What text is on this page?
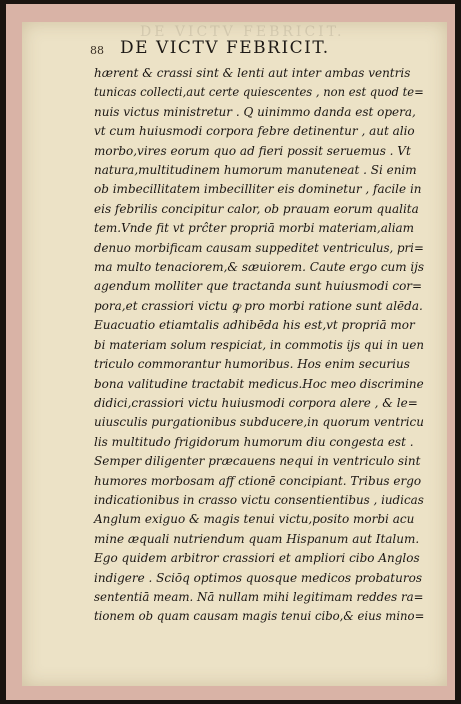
DE VICTV FEBRICIT.
88 DE VICTV FEBRICIT.
hærent & crassi sint & lenti aut inter ambas ventris
tunicas collecti,aut certe quiescentes , non est quod te=
nuis victus ministretur . Q uinimmo danda est opera,
vt cum huiusmodi corpora febre detinentur , aut alio
morbo,vires eorum quo ad fieri possit seruemus . Vt
natura,multitudinem humorum manuteneat . Si enim
ob imbecillitatem imbecilliter eis dominetur , facile in
eis febrilis concipitur calor, ob prauam eorum qualita
tem.Vnde fit vt prĉter propriā morbi materiam,aliam
denuo morbificam causam suppeditet ventriculus, pri=
ma multo tenaciorem,& sæuiorem. Caute ergo cum ijs
agendum molliter que tractanda sunt huiusmodi cor=
pora,et crassiori victu ꝙ pro morbi ratione sunt alēda.
Euacuatio etiamtalis adhibēda his est,vt propriā mor
bi materiam solum respiciat, in commotis ijs qui in uen
triculo commorantur humoribus. Hos enim securius
bona valitudine tractabit medicus.Hoc meo discrimine
didici,crassiori victu huiusmodi corpora alere , & le=
uiusculis purgationibus subducere,in quorum ventricu
lis multitudo frigidorum humorum diu congesta est .
Semper diligenter præcauens nequi in ventriculo sint
humores morbosam aff ctionē concipiant. Tribus ergo
indicationibus in crasso victu consentientibus , iudicas
Anglum exiguo & magis tenui victu,posito morbi acu
mine æquali nutriendum quam Hispanum aut Italum.
Ego quidem arbitror crassiori et ampliori cibo Anglos
indigere . Sciōq optimos quosque medicos probaturos
sententiā meam. Nā nullam mihi legitimam reddes ra=
tionem ob quam causam magis tenui cibo,& eius mino=
